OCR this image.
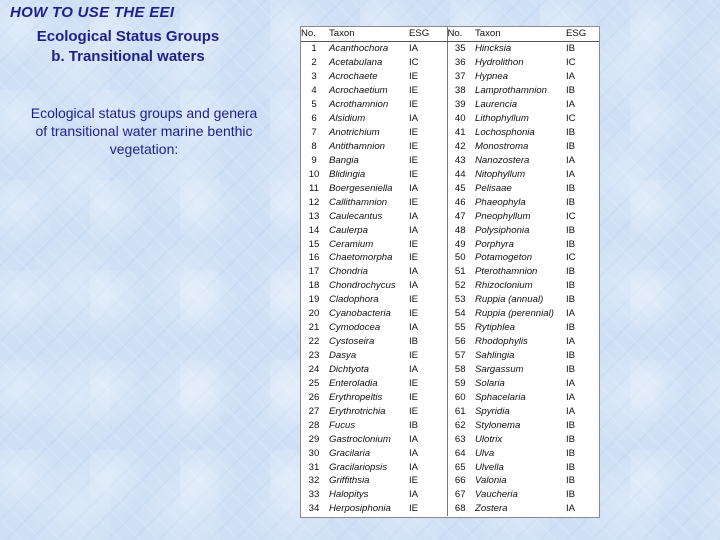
HOW TO USE THE EEI
Ecological Status Groups
b. Transitional waters

Ecological status groups and genera of transitional water marine benthic vegetation:

No.	Taxon	ESG	No.	Taxon	ESG
1	Acanthochora	IA	35	Hincksia	IB
2	Acetabulana	IC	36	Hydrolithon	IC
3	Acrochaete	IE	37	Hypnea	IA
4	Acrochaetium	IE	38	Lamprothamnion	IB
5	Acrothamnion	IE	39	Laurencia	IA
6	Alsidium	IA	40	Lithophyllum	IC
7	Anotrichium	IE	41	Lochosphonia	IB
8	Antithamnion	IE	42	Monostroma	IB
9	Bangia	IE	43	Nanozostera	IA
10	Blidingia	IE	44	Nitophyllum	IA
11	Boergeseniella	IA	45	Pelisaae	IB
12	Callithamnion	IE	46	Phaeophyla	IB
13	Caulecantus	IA	47	Pneophyllum	IC
14	Caulerpa	IA	48	Polysiphonia	IB
15	Ceramium	IE	49	Porphyra	IB
16	Chaetomorpha	IE	50	Potamogeton	IC
17	Chondria	IA	51	Pterothamnion	IB
18	Chondrochycus	IA	52	Rhizoclonium	IB
19	Cladophora	IE	53	Ruppia (annual)	IB
20	Cyanobacteria	IE	54	Ruppia (perennial)	IA
21	Cymodocea	IA	55	Rytiphlea	IB
22	Cystoseira	IB	56	Rhodophylis	IA
23	Dasya	IE	57	Sahlingia	IB
24	Dichtyota	IA	58	Sargassum	IB
25	Enteroladia	IE	59	Solaria	IA
26	Erythropeltis	IE	60	Sphacelaria	IA
27	Erythrotrichia	IE	61	Spyridia	IA
28	Fucus	IB	62	Stylonema	IB
29	Gastroclonium	IA	63	Ulotrix	IB
30	Gracilaria	IA	64	Ulva	IB
31	Gracilariopsis	IA	65	Ulvella	IB
32	Griffithsia	IE	66	Valonia	IB
33	Halopitys	IA	67	Vaucheria	IB
34	Herposiphonia	IE	68	Zostera	IA
